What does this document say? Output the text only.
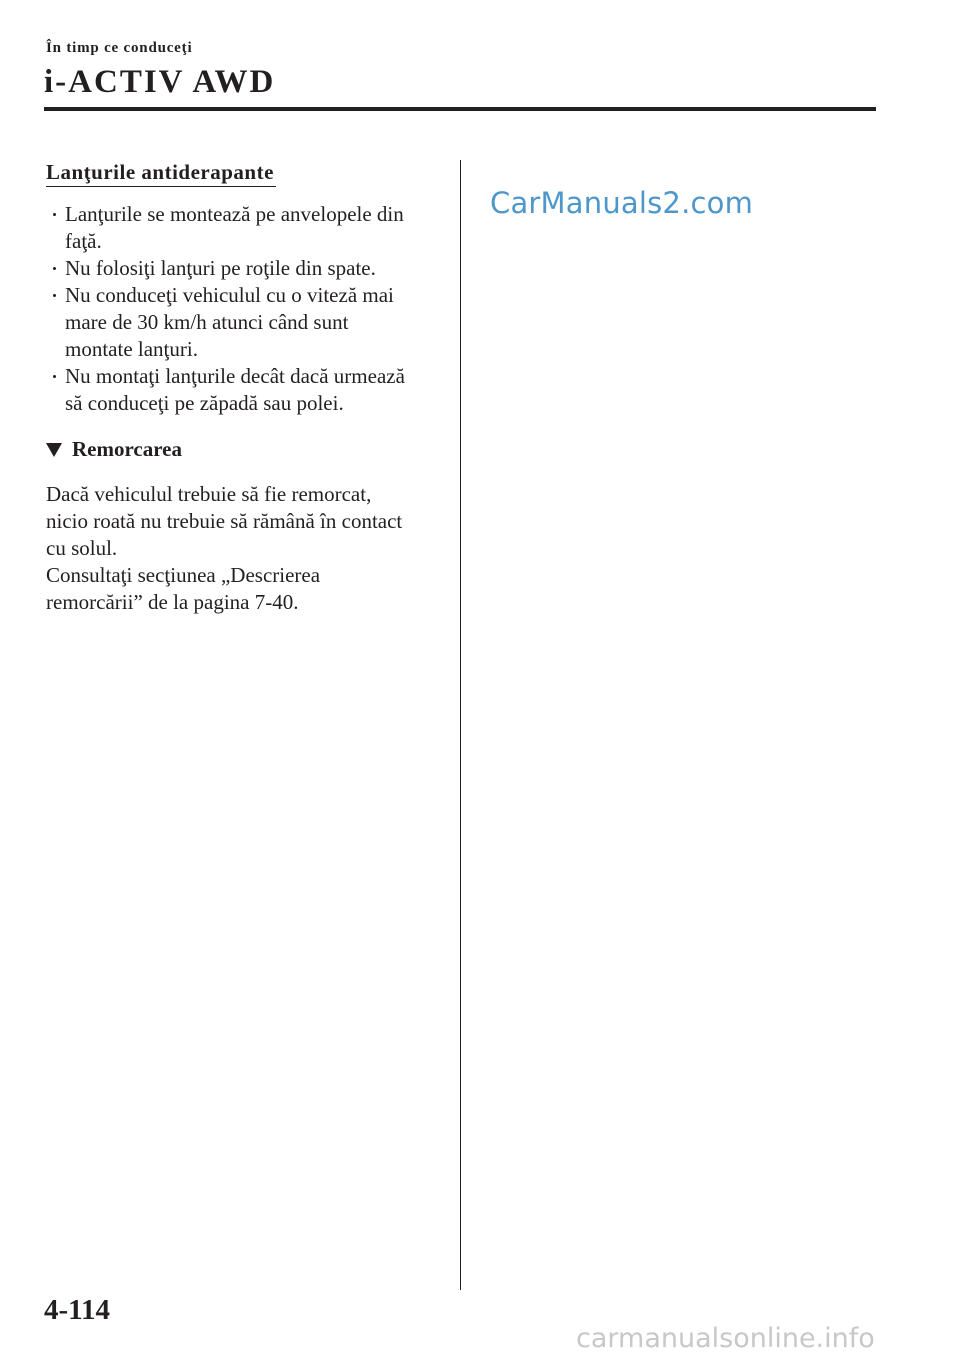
În timp ce conduceţi
i-ACTIV AWD
Lanţurile antiderapante
Lanţurile se montează pe anvelopele din
faţă.
Nu folosiţi lanţuri pe roţile din spate.
Nu conduceţi vehiculul cu o viteză mai
mare de 30 km/h atunci când sunt
montate lanţuri.
Nu montaţi lanţurile decât dacă urmează
să conduceţi pe zăpadă sau polei.
Remorcarea
Dacă vehiculul trebuie să fie remorcat,
nicio roată nu trebuie să rămână în contact
cu solul.
Consultaţi secţiunea „Descrierea
remorcării” de la pagina 7-40.
CarManuals2.com
4-114
carmanualsonline.info
